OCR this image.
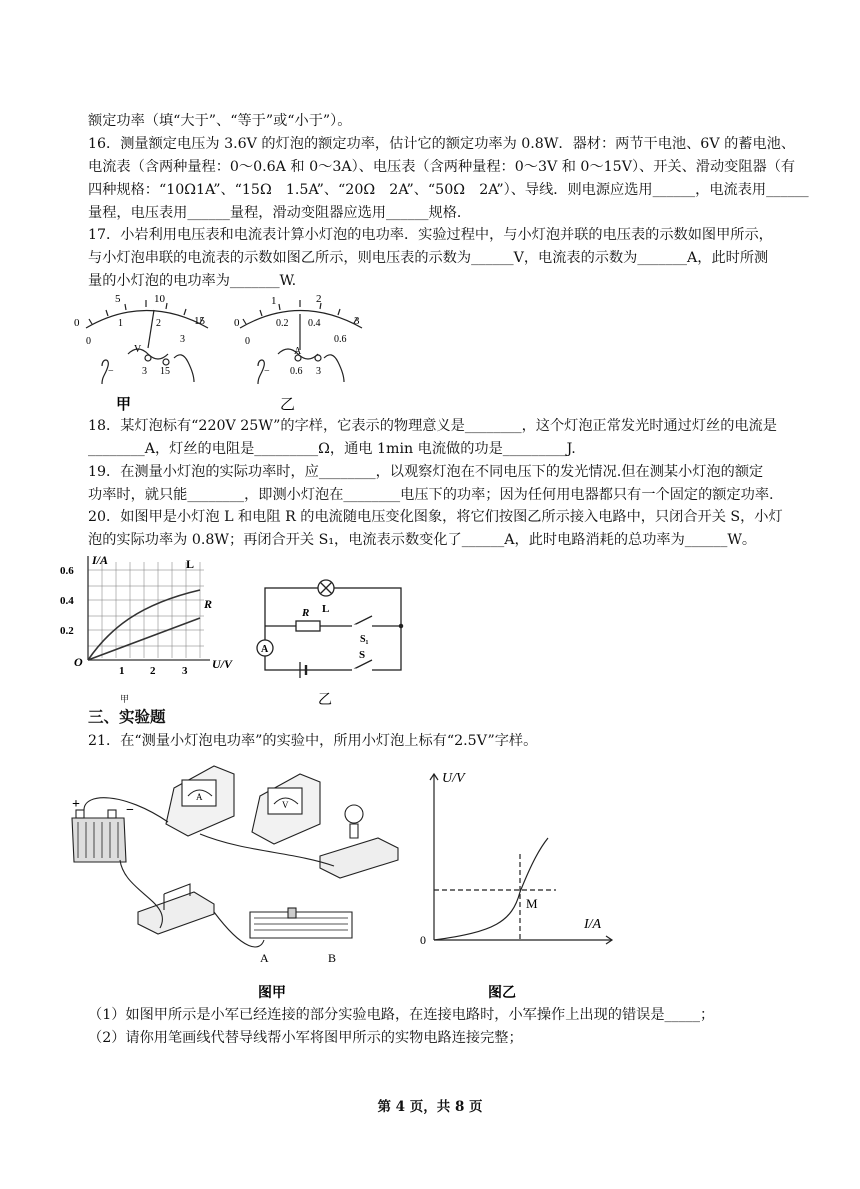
额定功率（填“大于”、“等于”或“小于”）。
16．测量额定电压为 3.6V 的灯泡的额定功率，估计它的额定功率为 0.8W．器材：两节干电池、6V 的蓄电池、
电流表（含两种量程：0～0.6A 和 0～3A）、电压表（含两种量程：0～3V 和 0～15V）、开关、滑动变阻器（有
四种规格：“10Ω1A”、“15Ω　1.5A”、“20Ω　2A”、“50Ω　2A”）、导线．则电源应选用______，电流表用______
量程，电压表用______量程，滑动变阻器应选用______规格．
17．小岩利用电压表和电流表计算小灯泡的电功率．实验过程中，与小灯泡并联的电压表的示数如图甲所示，
与小灯泡串联的电流表的示数如图乙所示，则电压表的示数为______V，电流表的示数为_______A，此时所测
量的小灯泡的电功率为_______W.
5	10
15
0
0
1	2
3
V
−	3 15
1	2
3
0
0
0.2 0.4
0.6
A
− 0.6 3
甲	乙
18．某灯泡标有“220V 25W”的字样，它表示的物理意义是________，这个灯泡正常发光时通过灯丝的电流是
________A，灯丝的电阻是_________Ω，通电 1min 电流做的功是_________J.
19．在测量小灯泡的实际功率时，应________，以观察灯泡在不同电压下的发光情况.但在测某小灯泡的额定
功率时，就只能________，即测小灯泡在________电压下的功率；因为任何用电器都只有一个固定的额定功率.
20．如图甲是小灯泡 L 和电阻 R 的电流随电压变化图象，将它们按图乙所示接入电路中，只闭合开关 S，小灯
泡的实际功率为 0.8W；再闭合开关 S₁，电流表示数变化了______A，此时电路消耗的总功率为______W。
I/A
U/V
O
0.6
0.4
0.2
1 2 3
L
R
甲
L
R
S₁
S
A
乙
三、实验题
21．在“测量小灯泡电功率”的实验中，所用小灯泡上标有“2.5V”字样。
+	−
A
V
A	B
U/V
I/A
0
M
图甲	图乙
（1）如图甲所示是小军已经连接的部分实验电路，在连接电路时，小军操作上出现的错误是_____；
（2）请你用笔画线代替导线帮小军将图甲所示的实物电路连接完整；
第 4 页，共 8 页
